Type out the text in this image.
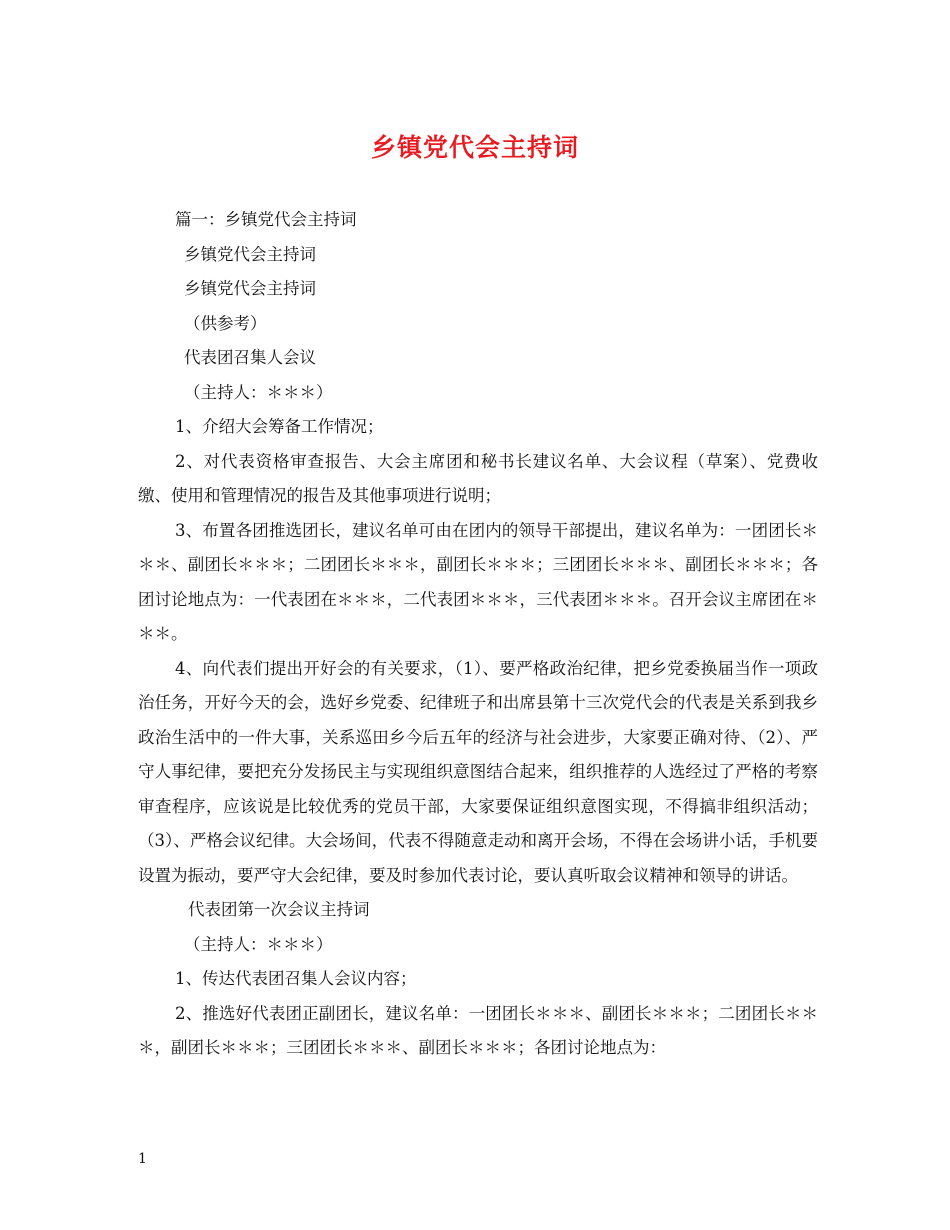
乡镇党代会主持词

篇一：乡镇党代会主持词

乡镇党代会主持词

乡镇党代会主持词

（供参考）

代表团召集人会议

（主持人：＊＊＊）

1、介绍大会筹备工作情况；

2、对代表资格审查报告、大会主席团和秘书长建议名单、大会议程（草案）、党费收缴、使用和管理情况的报告及其他事项进行说明；

3、布置各团推选团长，建议名单可由在团内的领导干部提出，建议名单为：一团团长＊＊＊、副团长＊＊＊；二团团长＊＊＊，副团长＊＊＊；三团团长＊＊＊、副团长＊＊＊；各团讨论地点为：一代表团在＊＊＊，二代表团＊＊＊，三代表团＊＊＊。召开会议主席团在＊＊＊。

4、向代表们提出开好会的有关要求，（1）、要严格政治纪律，把乡党委换届当作一项政治任务，开好今天的会，选好乡党委、纪律班子和出席县第十三次党代会的代表是关系到我乡政治生活中的一件大事，关系巡田乡今后五年的经济与社会进步，大家要正确对待、（2）、严守人事纪律，要把充分发扬民主与实现组织意图结合起来，组织推荐的人选经过了严格的考察审查程序，应该说是比较优秀的党员干部，大家要保证组织意图实现，不得搞非组织活动；（3）、严格会议纪律。大会场间，代表不得随意走动和离开会场，不得在会场讲小话，手机要设置为振动，要严守大会纪律，要及时参加代表讨论，要认真听取会议精神和领导的讲话。

代表团第一次会议主持词

（主持人：＊＊＊）

1、传达代表团召集人会议内容；

2、推选好代表团正副团长，建议名单：一团团长＊＊＊、副团长＊＊＊；二团团长＊＊＊，副团长＊＊＊；三团团长＊＊＊、副团长＊＊＊；各团讨论地点为：

1
